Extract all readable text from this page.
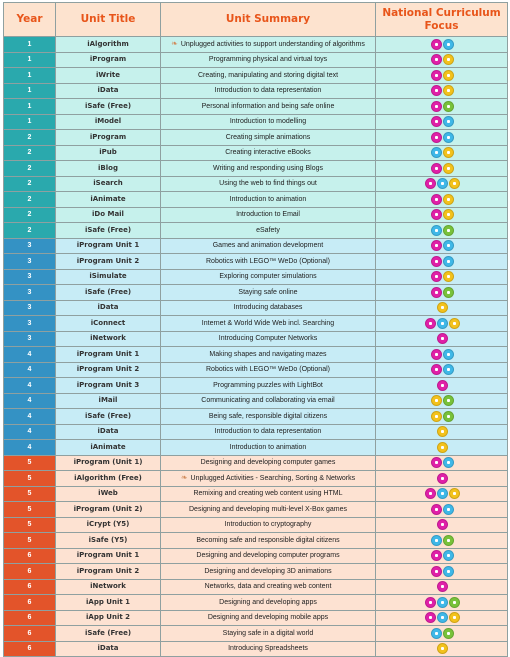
Year	Unit Title	Unit Summary	National Curriculum Focus
1	iAlgorithm	❧ Unplugged activities to support understanding of algorithms	
1	iProgram	Programming physical and virtual toys	
1	iWrite	Creating, manipulating and storing digital text	
1	iData	Introduction to data representation	
1	iSafe (Free)	Personal information and being safe online	
1	iModel	Introduction to modelling	
2	iProgram	Creating simple animations	
2	iPub	Creating interactive eBooks	
2	iBlog	Writing and responding using Blogs	
2	iSearch	Using the web to find things out	
2	iAnimate	Introduction to animation	
2	iDo Mail	Introduction to Email	
2	iSafe (Free)	eSafety	
3	iProgram Unit 1	Games and animation development	
3	iProgram Unit 2	Robotics with LEGO™ WeDo (Optional)	
3	iSimulate	Exploring computer simulations	
3	iSafe (Free)	Staying safe online	
3	iData	Introducing databases	
3	iConnect	Internet & World Wide Web incl. Searching	
3	iNetwork	Introducing Computer Networks	
4	iProgram Unit 1	Making shapes and navigating mazes	
4	iProgram Unit 2	Robotics with LEGO™ WeDo (Optional)	
4	iProgram Unit 3	Programming puzzles with LightBot	
4	iMail	Communicating and collaborating via email	
4	iSafe (Free)	Being safe, responsible digital citizens	
4	iData	Introduction to data representation	
4	iAnimate	Introduction to animation	
5	iProgram (Unit 1)	Designing and developing computer games	
5	iAlgorithm (Free)	❧ Unplugged Activities - Searching, Sorting & Networks	
5	iWeb	Remixing and creating web content using HTML	
5	iProgram (Unit 2)	Designing and developing multi-level X-Box games	
5	iCrypt (Y5)	Introduction to cryptography	
5	iSafe (Y5)	Becoming safe and responsible digital citizens	
6	iProgram Unit 1	Designing and developing computer programs	
6	iProgram Unit 2	Designing and developing 3D animations	
6	iNetwork	Networks, data and creating web content	
6	iApp Unit 1	Designing and developing apps	
6	iApp Unit 2	Designing and developing mobile apps	
6	iSafe (Free)	Staying safe in a digital world	
6	iData	Introducing Spreadsheets	
